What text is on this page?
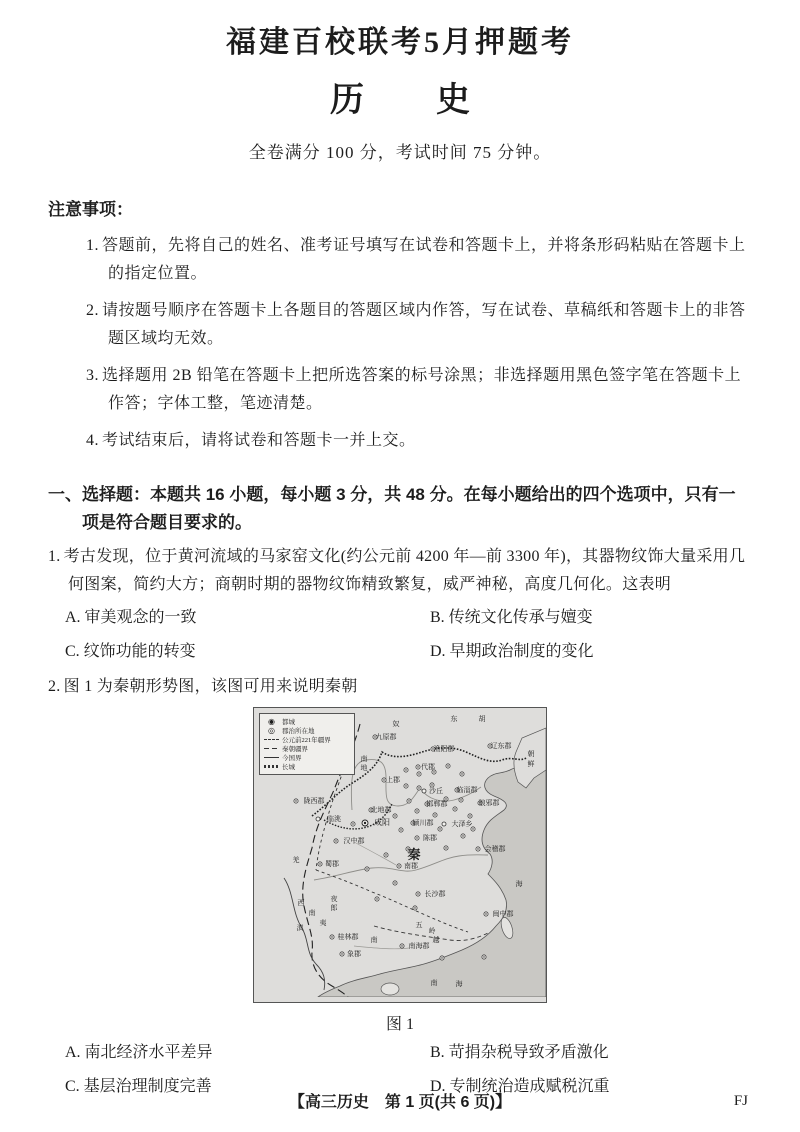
福建百校联考5月押题考
历 史
全卷满分 100 分，考试时间 75 分钟。
注意事项：
1. 答题前，先将自己的姓名、准考证号填写在试卷和答题卡上，并将条形码粘贴在答题卡上的指定位置。
2. 请按题号顺序在答题卡上各题目的答题区域内作答，写在试卷、草稿纸和答题卡上的非答题区域均无效。
3. 选择题用 2B 铅笔在答题卡上把所选答案的标号涂黑；非选择题用黑色签字笔在答题卡上作答；字体工整，笔迹清楚。
4. 考试结束后，请将试卷和答题卡一并上交。
一、选择题：本题共 16 小题，每小题 3 分，共 48 分。在每小题给出的四个选项中，只有一项是符合题目要求的。
1. 考古发现，位于黄河流域的马家窑文化(约公元前 4200 年—前 3300 年)，其器物纹饰大量采用几何图案，简约大方；商朝时期的器物纹饰精致繁复，威严神秘，高度几何化。这表明
A. 审美观念的一致	B. 传统文化传承与嬗变
C. 纹饰功能的转变	D. 早期政治制度的变化
2. 图 1 为秦朝形势图，该图可用来说明秦朝
◉	都城
◎	郡治所在地
公元前221年疆界
秦朝疆界
今国界
长城
奴
东	胡
九原郡
渔阳郡	辽东郡
朝
鲜
南
地	代郡
上郡
沙丘 临淄郡
邯郸郡	琅邪郡
北地郡
咸阳	颍川郡	大泽乡
陇西郡
临洮
汉中郡	陈郡
会稽郡
秦
蜀郡	南郡
长沙郡
闽中郡
羌
西
南
夷
夜
郎
滇
桂林郡 南	越
南海郡
象郡
五
岭
海
南	海
图 1
A. 南北经济水平差异	B. 苛捐杂税导致矛盾激化
C. 基层治理制度完善	D. 专制统治造成赋税沉重
【高三历史　第 1 页(共 6 页)】	FJ
